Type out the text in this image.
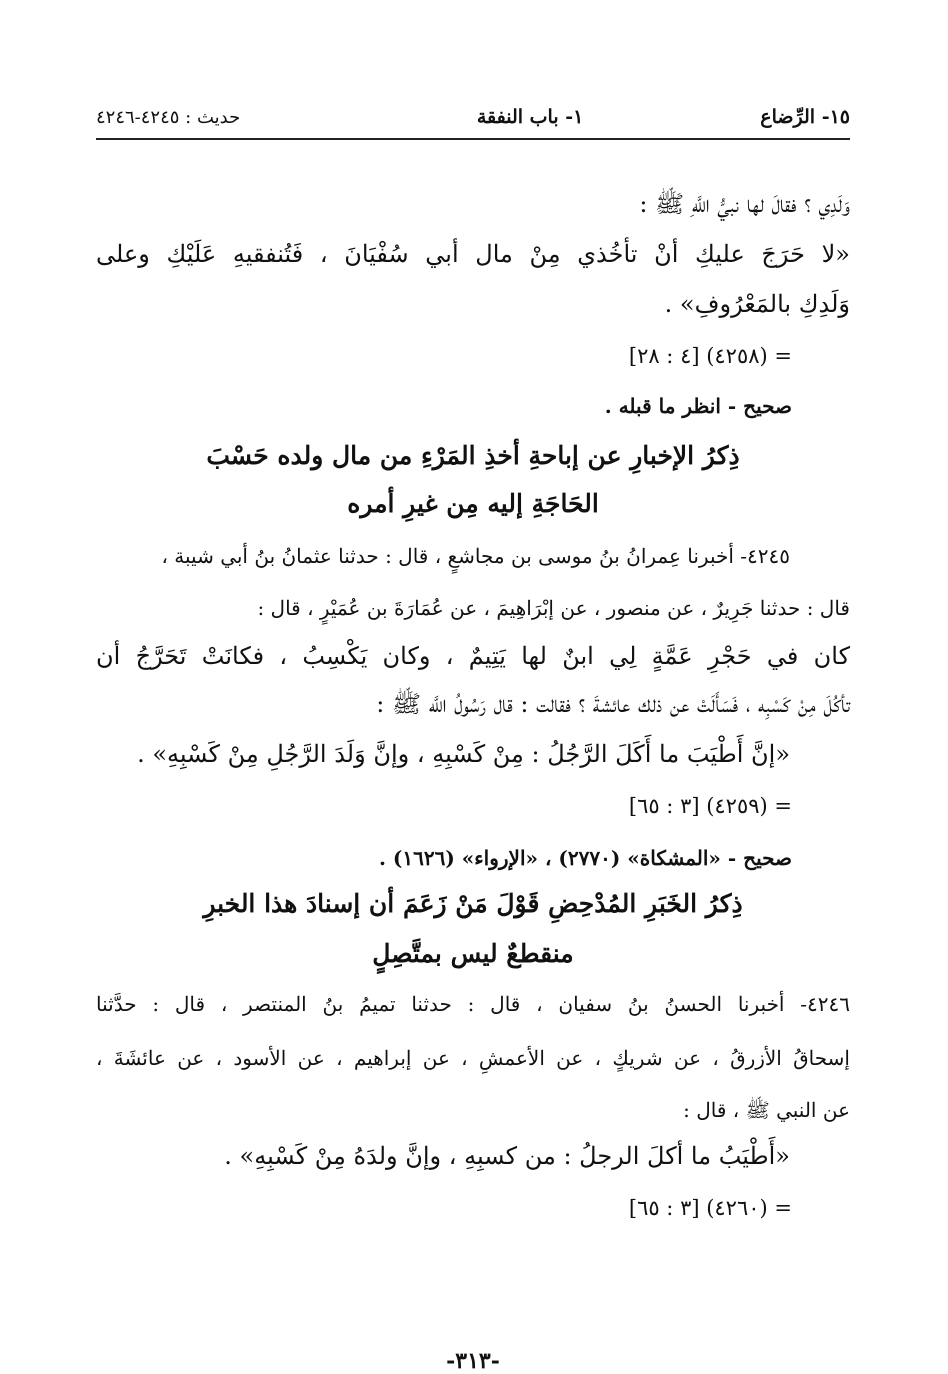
١٥- الرِّضاع
١- باب النفقة
حديث : ٤٢٤٥-٤٢٤٦
وَلَدِي ؟ فقالَ لها نبيُّ اللَّهِ ﷺ :
«لا حَرَجَ عليكِ أنْ تأخُذي مِنْ مال أبي سُفْيَانَ ، فَتُنفقيهِ عَلَيْكِ وعلى
وَلَدِكِ بالمَعْرُوفِ» .
= (٤٢٥٨) [٤ : ٢٨]
صحيح - انظر ما قبله .
ذِكرُ الإخبارِ عن إباحةِ أخذِ المَرْءِ من مال ولده حَسْبَ
الحَاجَةِ إليه مِن غيرِ أمره
٤٢٤٥- أخبرنا عِمرانُ بنُ موسى بن مجاشعٍ ، قال : حدثنا عثمانُ بنُ أبي شيبة ،
قال : حدثنا جَرِيرٌ ، عن منصور ، عن إبْرَاهِيمَ ، عن عُمَارَةَ بن عُمَيْرٍ ، قال :
كان في حَجْرِ عَمَّةٍ لِي ابنٌ لها يَتِيمٌ ، وكان يَكْسِبُ ، فكانَتْ تَحَرَّجُ أن
تأكُلَ مِنْ كَسْبِه ، فَسَأَلَتْ عن ذلك عائشةَ ؟ فقالت : قال رَسُولُ اللَّه ﷺ :
«إنَّ أَطْيَبَ ما أَكَلَ الرَّجُلُ : مِنْ كَسْبِهِ ، وإنَّ وَلَدَ الرَّجُلِ مِنْ كَسْبِهِ» .
= (٤٢٥٩) [٣ : ٦٥]
صحيح - «المشكاة» (٢٧٧٠) ، «الإرواء» (١٦٢٦) .
ذِكرُ الخَبَرِ المُدْحِضِ قَوْلَ مَنْ زَعَمَ أن إسنادَ هذا الخبرِ
منقطعٌ ليس بمتَّصِلٍ
٤٢٤٦- أخبرنا الحسنُ بنُ سفيان ، قال : حدثنا تميمُ بنُ المنتصر ، قال : حدَّثنا
إسحاقُ الأزرقُ ، عن شريكٍ ، عن الأعمشِ ، عن إبراهيم ، عن الأسود ، عن عائشَةَ ،
عن النبي ﷺ ، قال :
«أَطْيَبُ ما أكلَ الرجلُ : من كسبِهِ ، وإنَّ ولدَهُ مِنْ كَسْبِهِ» .
= (٤٢٦٠) [٣ : ٦٥]
-٣١٣-
